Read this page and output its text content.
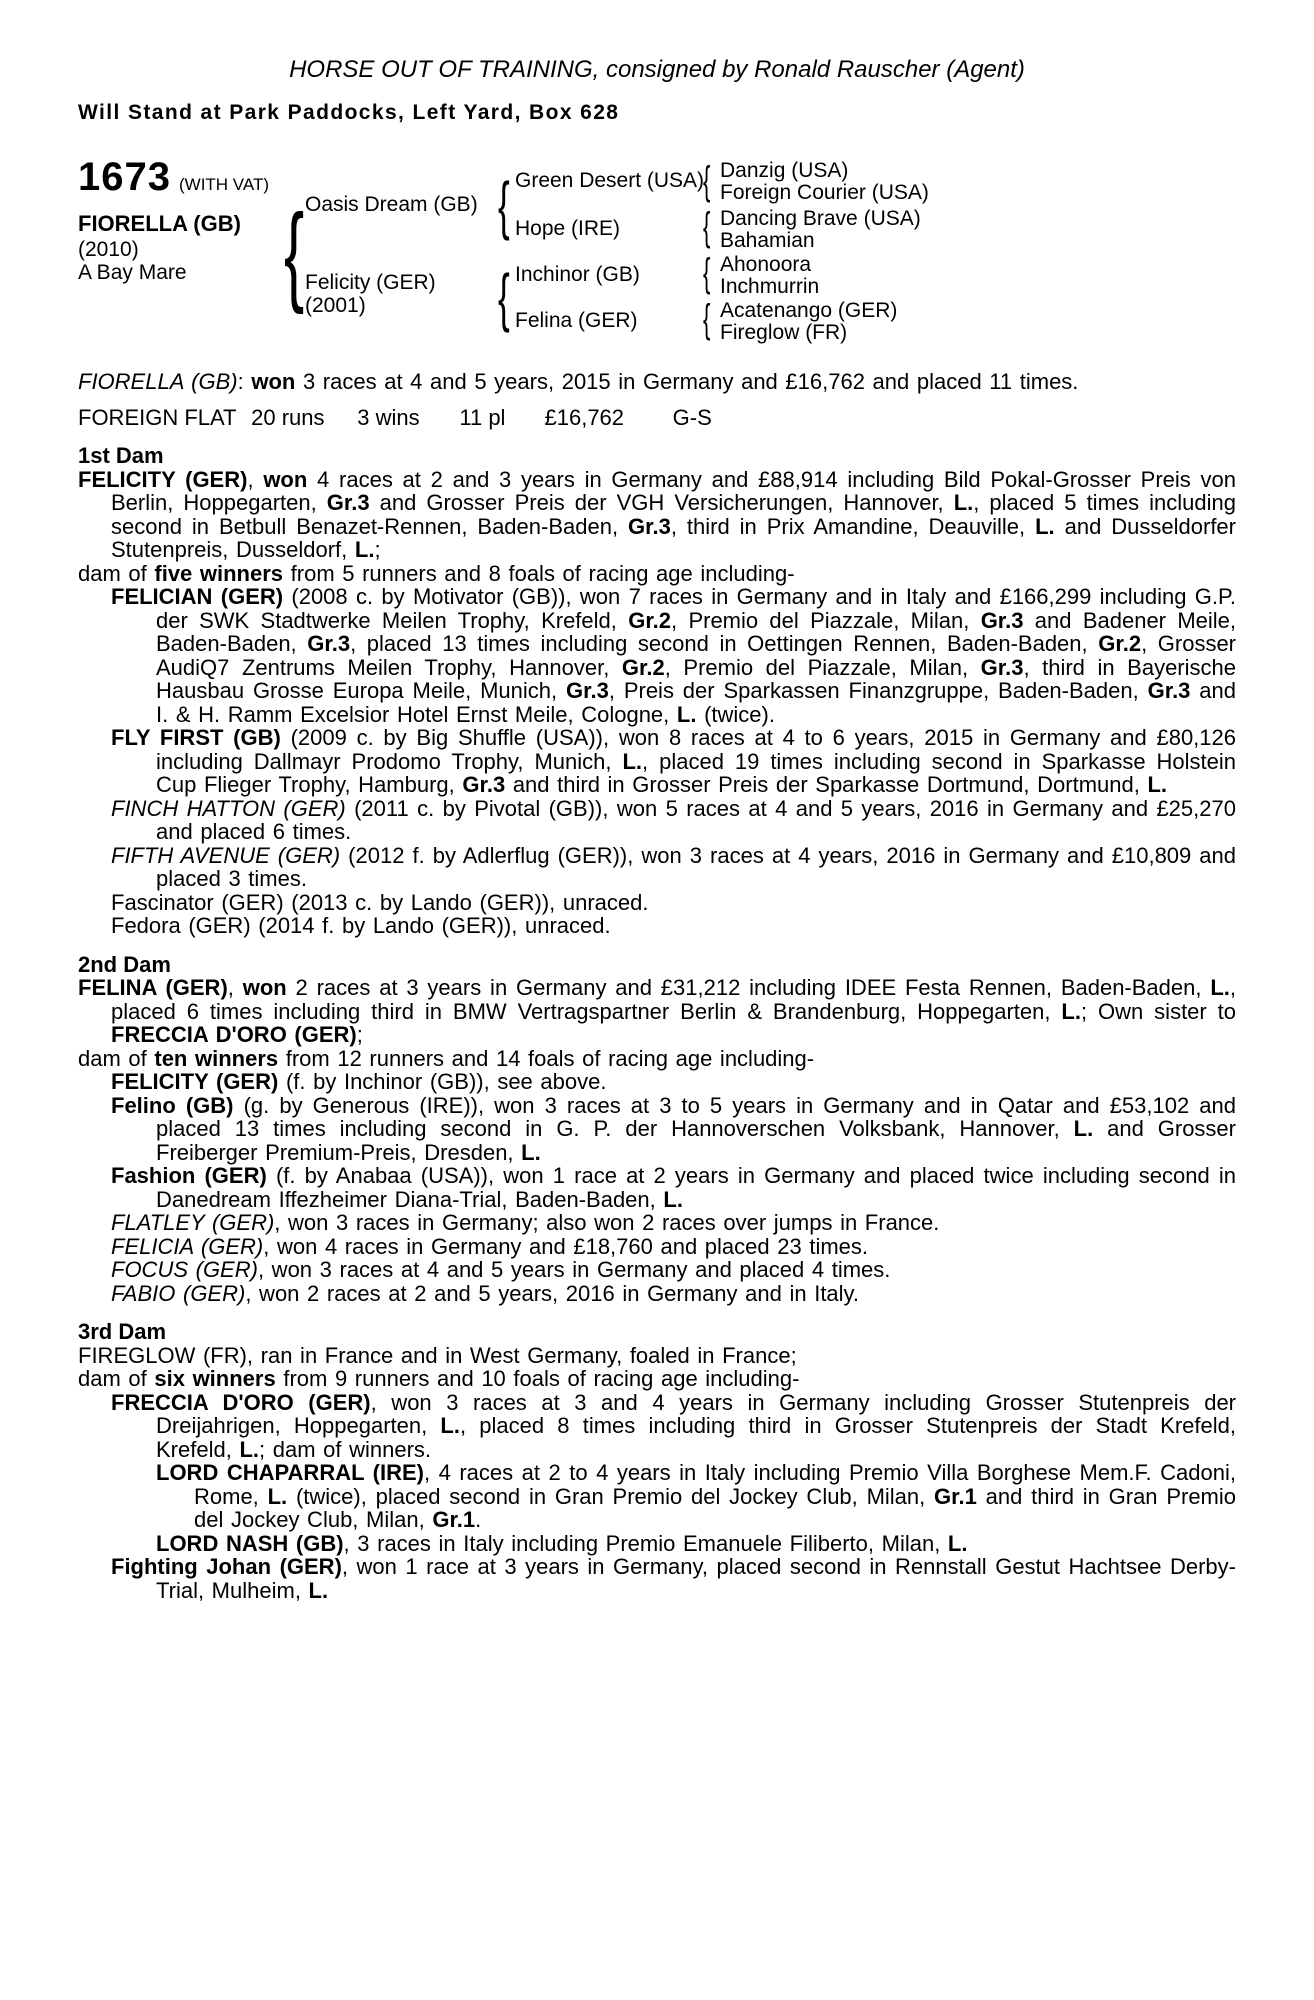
HORSE OUT OF TRAINING, consigned by Ronald Rauscher (Agent)
Will Stand at Park Paddocks, Left Yard, Box 628
1673 (WITH VAT)
FIORELLA (GB)
(2010)
A Bay Mare
{
{
{
{
{
{
{
Oasis Dream (GB)
Felicity (GER)
(2001)
Green Desert (USA)
Hope (IRE)
Inchinor (GB)
Felina (GER)
Danzig (USA)
Foreign Courier (USA)
Dancing Brave (USA)
Bahamian
Ahonoora
Inchmurrin
Acatenango (GER)
Fireglow (FR)
FIORELLA (GB): won 3 races at 4 and 5 years, 2015 in Germany and £16,762 and placed 11 times.
FOREIGN FLAT 20 runs 3 wins 11 pl £16,762 G-S
1st Dam
FELICITY (GER), won 4 races at 2 and 3 years in Germany and £88,914 including Bild Pokal-Grosser Preis von Berlin, Hoppegarten, Gr.3 and Grosser Preis der VGH Versicherungen, Hannover, L., placed 5 times including second in Betbull Benazet-Rennen, Baden-Baden, Gr.3, third in Prix Amandine, Deauville, L. and Dusseldorfer Stutenpreis, Dusseldorf, L.;
dam of five winners from 5 runners and 8 foals of racing age including-
FELICIAN (GER) (2008 c. by Motivator (GB)), won 7 races in Germany and in Italy and £166,299 including G.P. der SWK Stadtwerke Meilen Trophy, Krefeld, Gr.2, Premio del Piazzale, Milan, Gr.3 and Badener Meile, Baden-Baden, Gr.3, placed 13 times including second in Oettingen Rennen, Baden-Baden, Gr.2, Grosser AudiQ7 Zentrums Meilen Trophy, Hannover, Gr.2, Premio del Piazzale, Milan, Gr.3, third in Bayerische Hausbau Grosse Europa Meile, Munich, Gr.3, Preis der Sparkassen Finanzgruppe, Baden-Baden, Gr.3 and I. & H. Ramm Excelsior Hotel Ernst Meile, Cologne, L. (twice).
FLY FIRST (GB) (2009 c. by Big Shuffle (USA)), won 8 races at 4 to 6 years, 2015 in Germany and £80,126 including Dallmayr Prodomo Trophy, Munich, L., placed 19 times including second in Sparkasse Holstein Cup Flieger Trophy, Hamburg, Gr.3 and third in Grosser Preis der Sparkasse Dortmund, Dortmund, L.
FINCH HATTON (GER) (2011 c. by Pivotal (GB)), won 5 races at 4 and 5 years, 2016 in Germany and £25,270 and placed 6 times.
FIFTH AVENUE (GER) (2012 f. by Adlerflug (GER)), won 3 races at 4 years, 2016 in Germany and £10,809 and placed 3 times.
Fascinator (GER) (2013 c. by Lando (GER)), unraced.
Fedora (GER) (2014 f. by Lando (GER)), unraced.
2nd Dam
FELINA (GER), won 2 races at 3 years in Germany and £31,212 including IDEE Festa Rennen, Baden-Baden, L., placed 6 times including third in BMW Vertragspartner Berlin & Brandenburg, Hoppegarten, L.; Own sister to FRECCIA D'ORO (GER);
dam of ten winners from 12 runners and 14 foals of racing age including-
FELICITY (GER) (f. by Inchinor (GB)), see above.
Felino (GB) (g. by Generous (IRE)), won 3 races at 3 to 5 years in Germany and in Qatar and £53,102 and placed 13 times including second in G. P. der Hannoverschen Volksbank, Hannover, L. and Grosser Freiberger Premium-Preis, Dresden, L.
Fashion (GER) (f. by Anabaa (USA)), won 1 race at 2 years in Germany and placed twice including second in Danedream Iffezheimer Diana-Trial, Baden-Baden, L.
FLATLEY (GER), won 3 races in Germany; also won 2 races over jumps in France.
FELICIA (GER), won 4 races in Germany and £18,760 and placed 23 times.
FOCUS (GER), won 3 races at 4 and 5 years in Germany and placed 4 times.
FABIO (GER), won 2 races at 2 and 5 years, 2016 in Germany and in Italy.
3rd Dam
FIREGLOW (FR), ran in France and in West Germany, foaled in France;
dam of six winners from 9 runners and 10 foals of racing age including-
FRECCIA D'ORO (GER), won 3 races at 3 and 4 years in Germany including Grosser Stutenpreis der Dreijahrigen, Hoppegarten, L., placed 8 times including third in Grosser Stutenpreis der Stadt Krefeld, Krefeld, L.; dam of winners.
LORD CHAPARRAL (IRE), 4 races at 2 to 4 years in Italy including Premio Villa Borghese Mem.F. Cadoni, Rome, L. (twice), placed second in Gran Premio del Jockey Club, Milan, Gr.1 and third in Gran Premio del Jockey Club, Milan, Gr.1.
LORD NASH (GB), 3 races in Italy including Premio Emanuele Filiberto, Milan, L.
Fighting Johan (GER), won 1 race at 3 years in Germany, placed second in Rennstall Gestut Hachtsee Derby-Trial, Mulheim, L.
